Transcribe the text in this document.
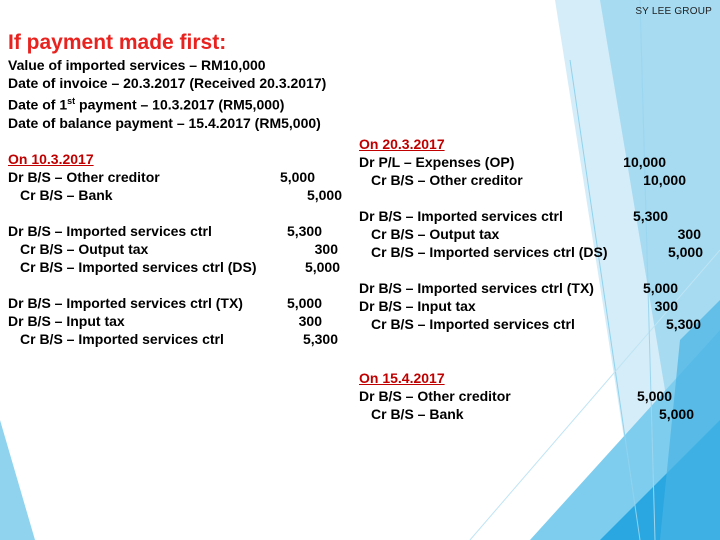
SY LEE GROUP
If payment made first:
Value of imported services – RM10,000
Date of invoice – 20.3.2017 (Received 20.3.2017)
Date of 1st payment – 10.3.2017 (RM5,000)
Date of balance payment – 15.4.2017 (RM5,000)
On 10.3.2017
Dr B/S – Other creditor	5,000
Cr B/S – Bank	5,000
Dr B/S – Imported services ctrl	5,300
Cr B/S – Output tax	300
Cr B/S – Imported services ctrl (DS)	5,000
Dr B/S – Imported services ctrl (TX)	5,000
Dr B/S – Input tax	300
Cr B/S – Imported services ctrl	5,300
On 20.3.2017
Dr P/L – Expenses (OP)	10,000
Cr B/S – Other creditor	10,000
Dr B/S – Imported services ctrl	5,300
Cr B/S – Output tax	300
Cr B/S – Imported services ctrl (DS)	5,000
Dr B/S – Imported services ctrl (TX)	5,000
Dr B/S – Input tax	300
Cr B/S – Imported services ctrl	5,300
On 15.4.2017
Dr B/S – Other creditor	5,000
Cr B/S – Bank	5,000
